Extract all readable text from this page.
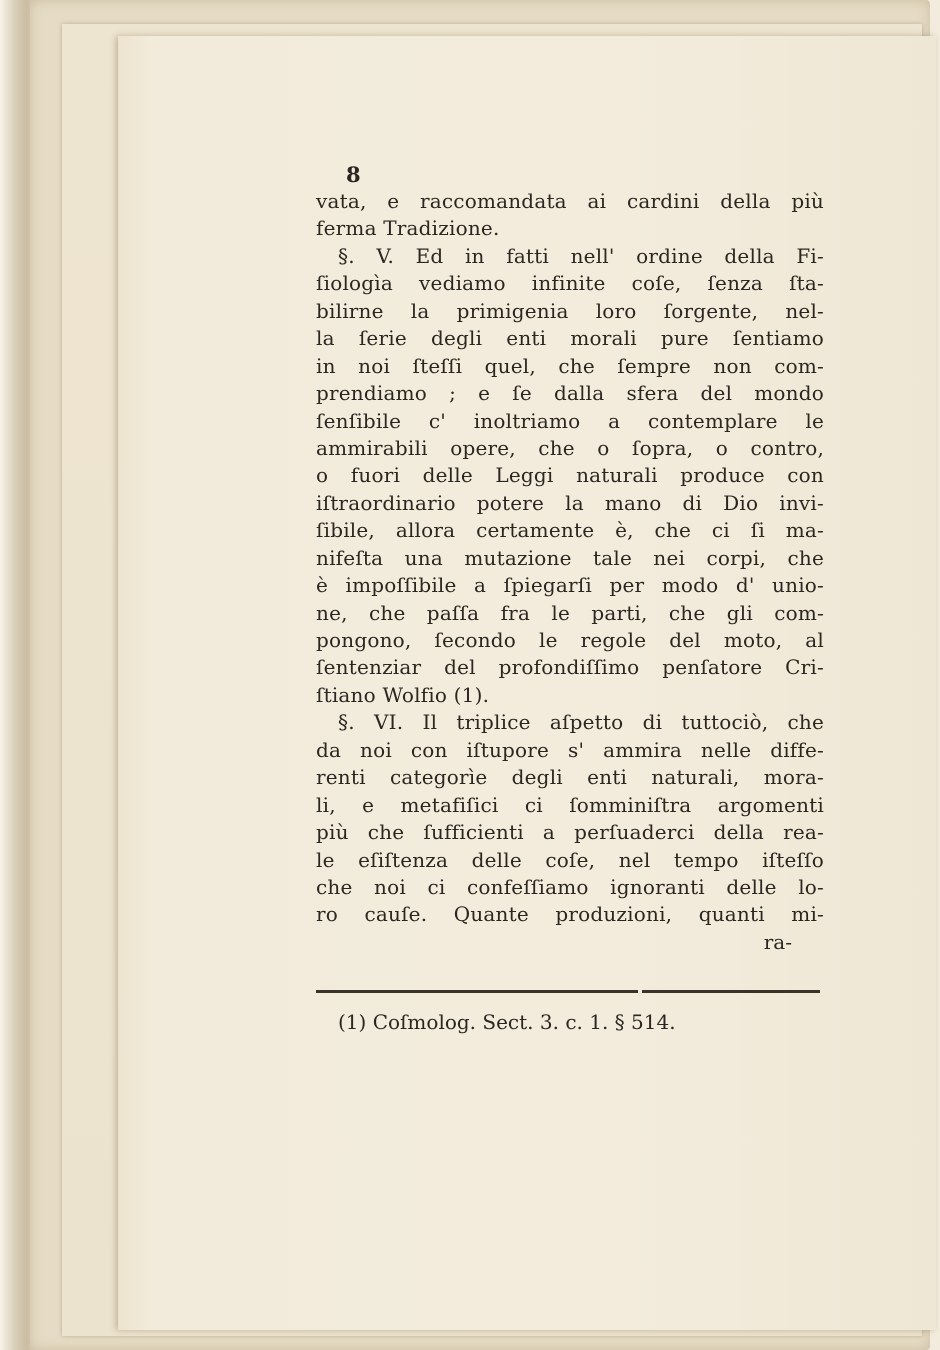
8
vata, e raccomandata ai cardini della più
ferma Tradizione.
§. V. Ed in fatti nell' ordine della Fi-
ſiologìa vediamo infinite coſe, ſenza ſta-
bilirne la primigenia loro ſorgente, nel-
la ſerie degli enti morali pure ſentiamo
in noi ſteſſi quel, che ſempre non com-
prendiamo ; e ſe dalla sfera del mondo
ſenſibile c' inoltriamo a contemplare le
ammirabili opere, che o ſopra, o contro,
o fuori delle Leggi naturali produce con
iſtraordinario potere la mano di Dio invi-
ſibile, allora certamente è, che ci ſi ma-
nifeſta una mutazione tale nei corpi, che
è impoſſibile a ſpiegarſi per modo d' unio-
ne, che paſſa fra le parti, che gli com-
pongono, ſecondo le regole del moto, al
ſentenziar del profondiſſimo penſatore Cri-
ſtiano Wolfio (1).
§. VI. Il triplice aſpetto di tuttociò, che
da noi con iſtupore s' ammira nelle diffe-
renti categorìe degli enti naturali, mora-
li, e metafiſici ci ſomminiſtra argomenti
più che ſufficienti a perſuaderci della rea-
le eſiſtenza delle coſe, nel tempo iſteſſo
che noi ci confeſſiamo ignoranti delle lo-
ro cauſe. Quante produzioni, quanti mi-
ra-
(1) Coſmolog. Sect. 3. c. 1. § 514.
